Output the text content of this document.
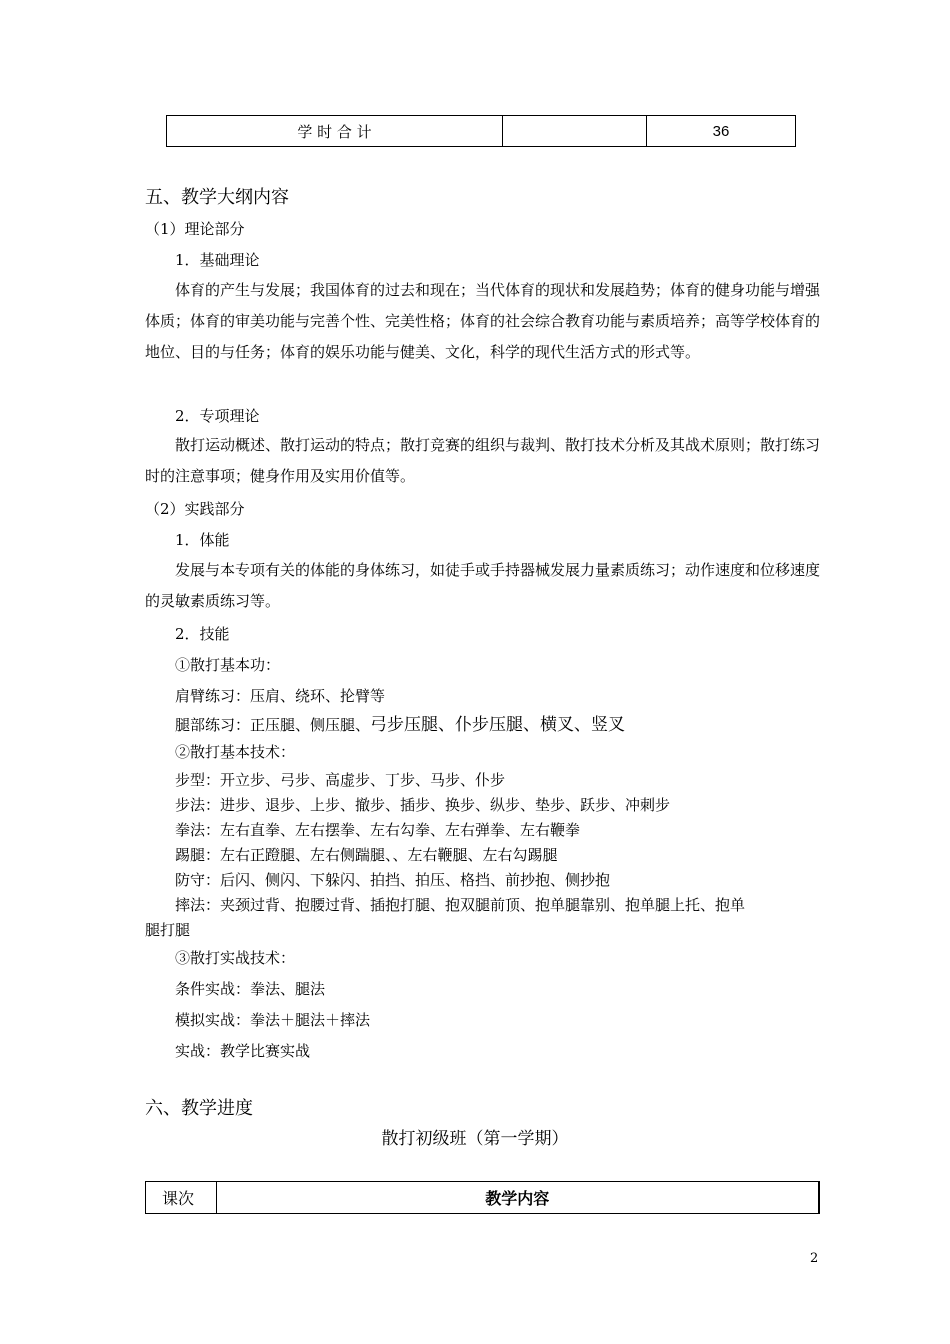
学 时 合 计		36
五、教学大纲内容
（1）理论部分
1．基础理论
体育的产生与发展；我国体育的过去和现在；当代体育的现状和发展趋势；体育的健身功能与增强体质；体育的审美功能与完善个性、完美性格；体育的社会综合教育功能与素质培养；高等学校体育的地位、目的与任务；体育的娱乐功能与健美、文化，科学的现代生活方式的形式等。
2．专项理论
散打运动概述、散打运动的特点；散打竞赛的组织与裁判、散打技术分析及其战术原则；散打练习时的注意事项；健身作用及实用价值等。
（2）实践部分
1．体能
发展与本专项有关的体能的身体练习，如徒手或手持器械发展力量素质练习；动作速度和位移速度的灵敏素质练习等。
2．技能
①散打基本功：
肩臂练习：压肩、绕环、抡臂等
腿部练习：正压腿、侧压腿、弓步压腿、仆步压腿、横叉、竖叉
②散打基本技术：
步型：开立步、弓步、高虚步、丁步、马步、仆步
步法：进步、退步、上步、撤步、插步、换步、纵步、垫步、跃步、冲刺步
拳法：左右直拳、左右摆拳、左右勾拳、左右弹拳、左右鞭拳
踢腿：左右正蹬腿、左右侧踹腿、、左右鞭腿、左右勾踢腿
防守：后闪、侧闪、下躲闪、拍挡、拍压、格挡、前抄抱、侧抄抱
摔法：夹颈过背、抱腰过背、插抱打腿、抱双腿前顶、抱单腿靠别、抱单腿上托、抱单
腿打腿
③散打实战技术：
条件实战：拳法、腿法
模拟实战：拳法＋腿法＋摔法
实战：教学比赛实战
六、教学进度
散打初级班（第一学期）
课次	教学内容
2
